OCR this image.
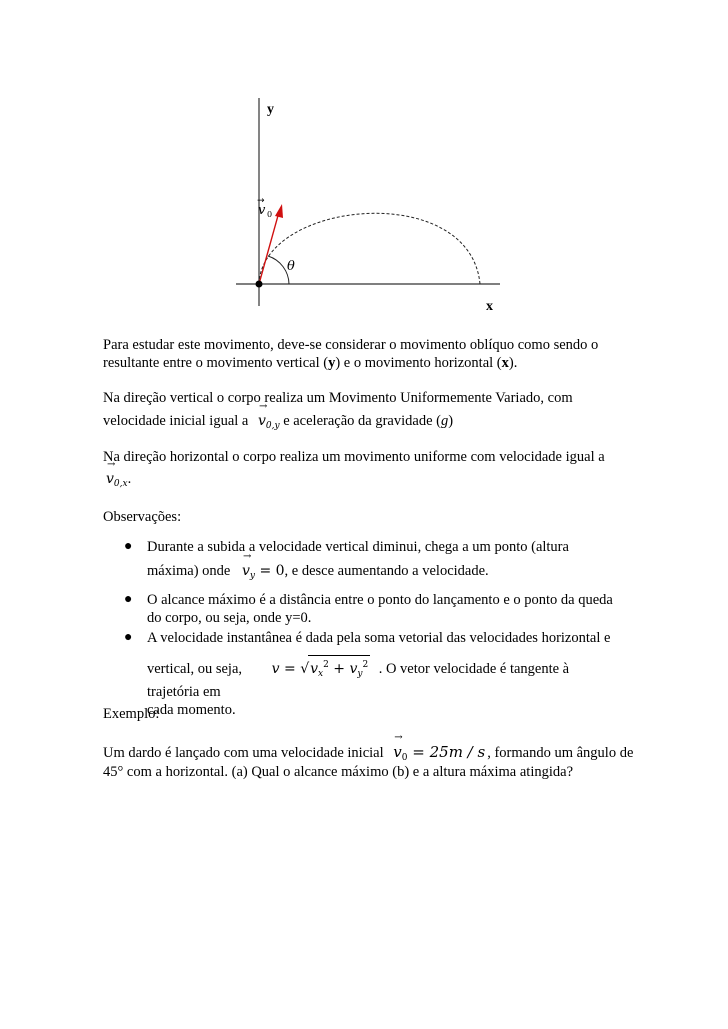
y
x
→
v 0
θ
Para estudar este movimento, deve-se considerar o movimento oblíquo como sendo o
resultante entre o movimento vertical (y) e o movimento horizontal (x).
Na direção vertical o corpo realiza um Movimento Uniformemente Variado, com
velocidade inicial igual $a \to v_{0,y}$ e aceleração da gravidade (g)
Na direção horizontal o corpo realiza um movimento uniforme com velocidade igual a
→ $v_{0,x}$.
Observações:
● Durante a subida a velocidade vertical diminui, chega a um ponto (altura
máxima) onde → $v_y = 0$, e desce aumentando a velocidade.
● O alcance máximo é a distância entre o ponto do lançamento e o ponto da queda
do corpo, ou seja, onde y=0.
● A velocidade instantânea é dada pela soma vetorial das velocidades horizontal e
vertical, ou seja, $v = √v_x^2 + v_y^2$ . O vetor velocidade é tangente à trajetória em
cada momento.
Exemplo:
Um dardo é lançado com uma velocidade inicial → $v_0 = 25m / s$ , formando um ângulo de
45° com a horizontal. (a) Qual o alcance máximo (b) e a altura máxima atingida?
